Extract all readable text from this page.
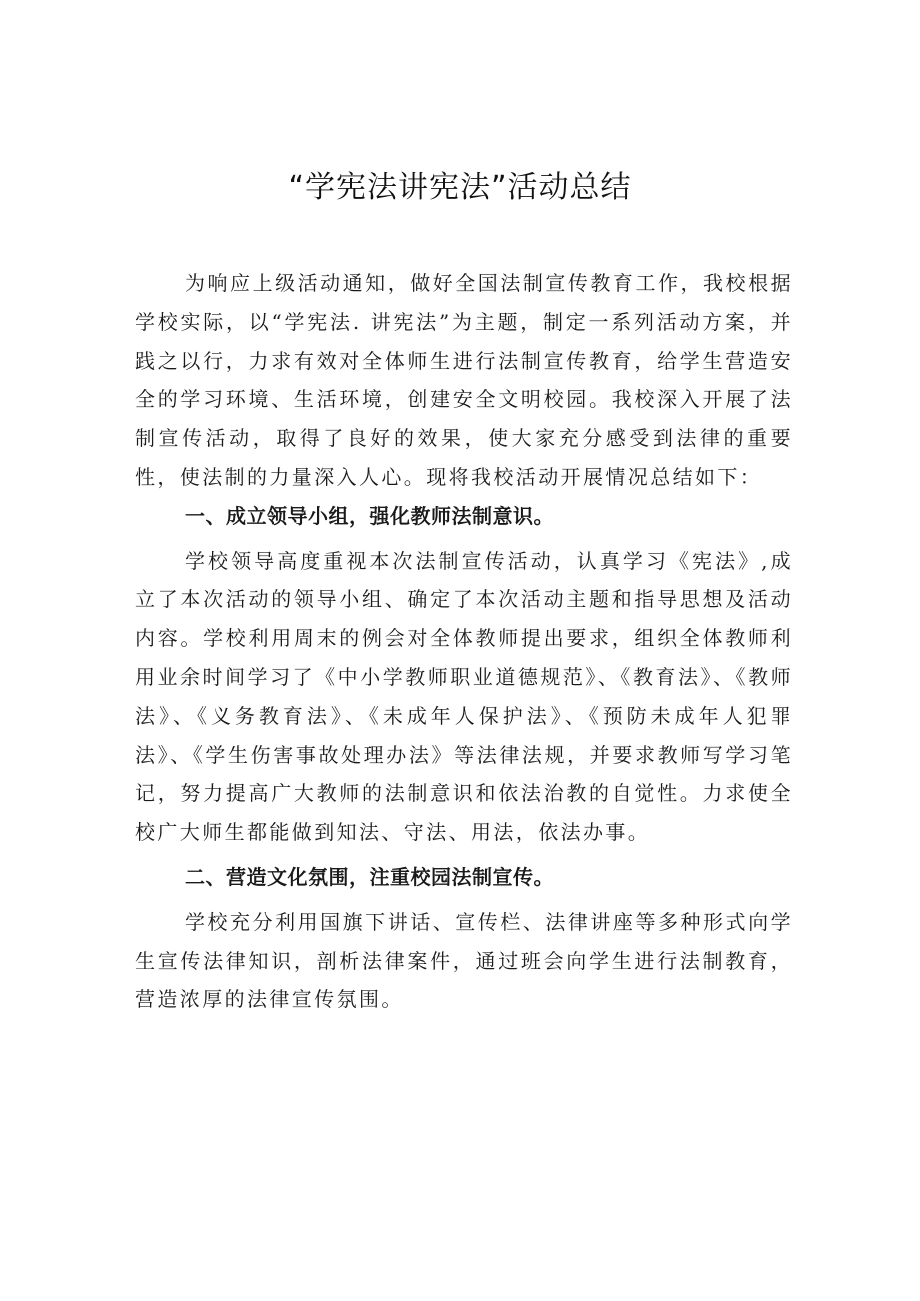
“学宪法讲宪法”活动总结

为响应上级活动通知，做好全国法制宣传教育工作，我校根据学校实际，以“学宪法. 讲宪法”为主题，制定一系列活动方案，并践之以行，力求有效对全体师生进行法制宣传教育，给学生营造安全的学习环境、生活环境，创建安全文明校园。我校深入开展了法制宣传活动，取得了良好的效果，使大家充分感受到法律的重要性，使法制的力量深入人心。现将我校活动开展情况总结如下：

一、成立领导小组，强化教师法制意识。

学校领导高度重视本次法制宣传活动，认真学习《宪法》,成立了本次活动的领导小组、确定了本次活动主题和指导思想及活动内容。学校利用周末的例会对全体教师提出要求，组织全体教师利用业余时间学习了《中小学教师职业道德规范》、《教育法》、《教师法》、《义务教育法》、《未成年人保护法》、《预防未成年人犯罪法》、《学生伤害事故处理办法》等法律法规，并要求教师写学习笔记，努力提高广大教师的法制意识和依法治教的自觉性。力求使全校广大师生都能做到知法、守法、用法，依法办事。

二、营造文化氛围，注重校园法制宣传。

学校充分利用国旗下讲话、宣传栏、法律讲座等多种形式向学生宣传法律知识，剖析法律案件，通过班会向学生进行法制教育，营造浓厚的法律宣传氛围。
